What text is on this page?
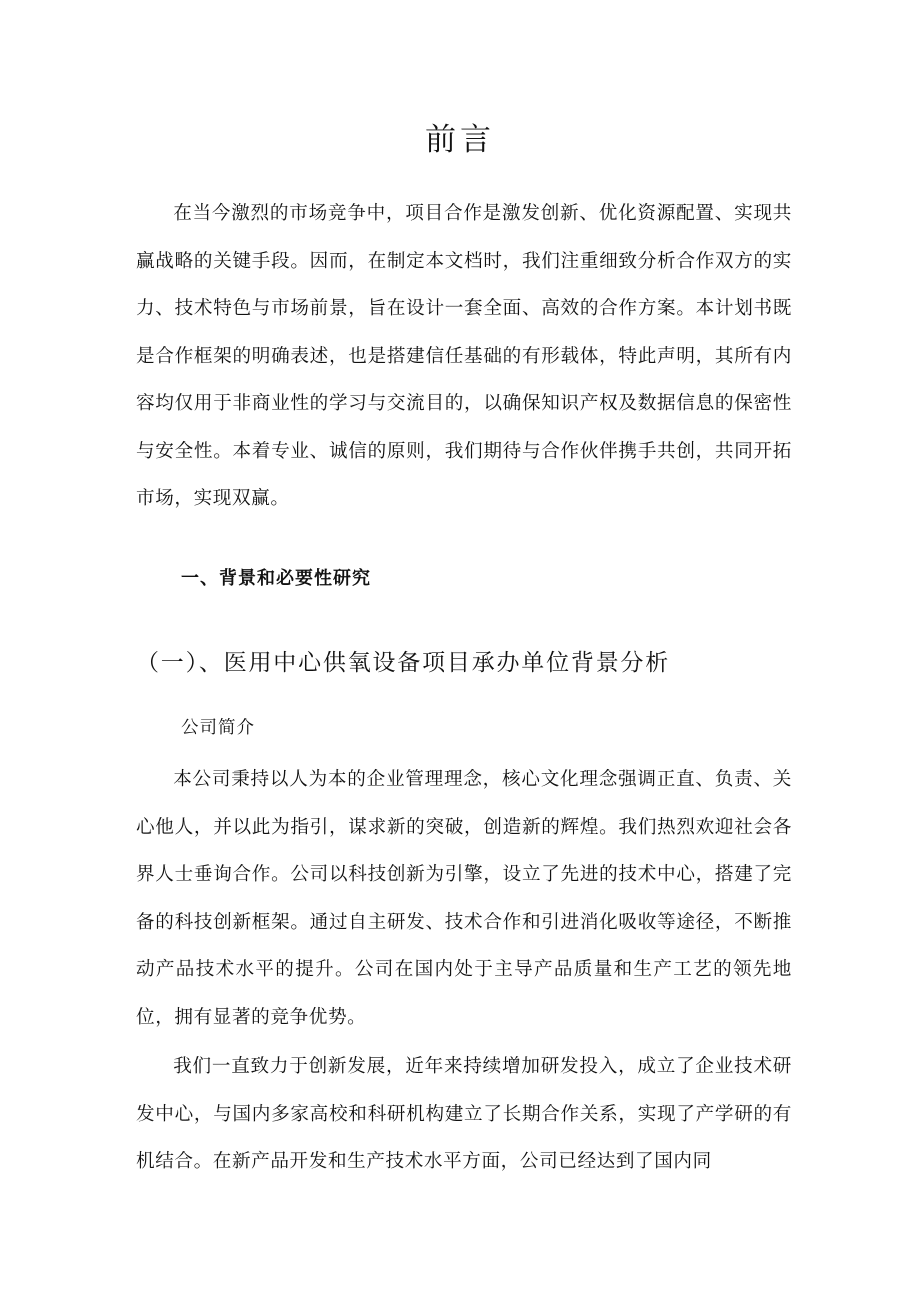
前言

在当今激烈的市场竞争中，项目合作是激发创新、优化资源配置、实现共赢战略的关键手段。因而，在制定本文档时，我们注重细致分析合作双方的实力、技术特色与市场前景，旨在设计一套全面、高效的合作方案。本计划书既是合作框架的明确表述，也是搭建信任基础的有形载体，特此声明，其所有内容均仅用于非商业性的学习与交流目的，以确保知识产权及数据信息的保密性与安全性。本着专业、诚信的原则，我们期待与合作伙伴携手共创，共同开拓市场，实现双赢。

一、背景和必要性研究
（一）、医用中心供氧设备项目承办单位背景分析

公司简介

本公司秉持以人为本的企业管理理念，核心文化理念强调正直、负责、关心他人，并以此为指引，谋求新的突破，创造新的辉煌。我们热烈欢迎社会各界人士垂询合作。公司以科技创新为引擎，设立了先进的技术中心，搭建了完备的科技创新框架。通过自主研发、技术合作和引进消化吸收等途径，不断推动产品技术水平的提升。公司在国内处于主导产品质量和生产工艺的领先地位，拥有显著的竞争优势。

我们一直致力于创新发展，近年来持续增加研发投入，成立了企业技术研发中心，与国内多家高校和科研机构建立了长期合作关系，实现了产学研的有机结合。在新产品开发和生产技术水平方面，公司已经达到了国内同
